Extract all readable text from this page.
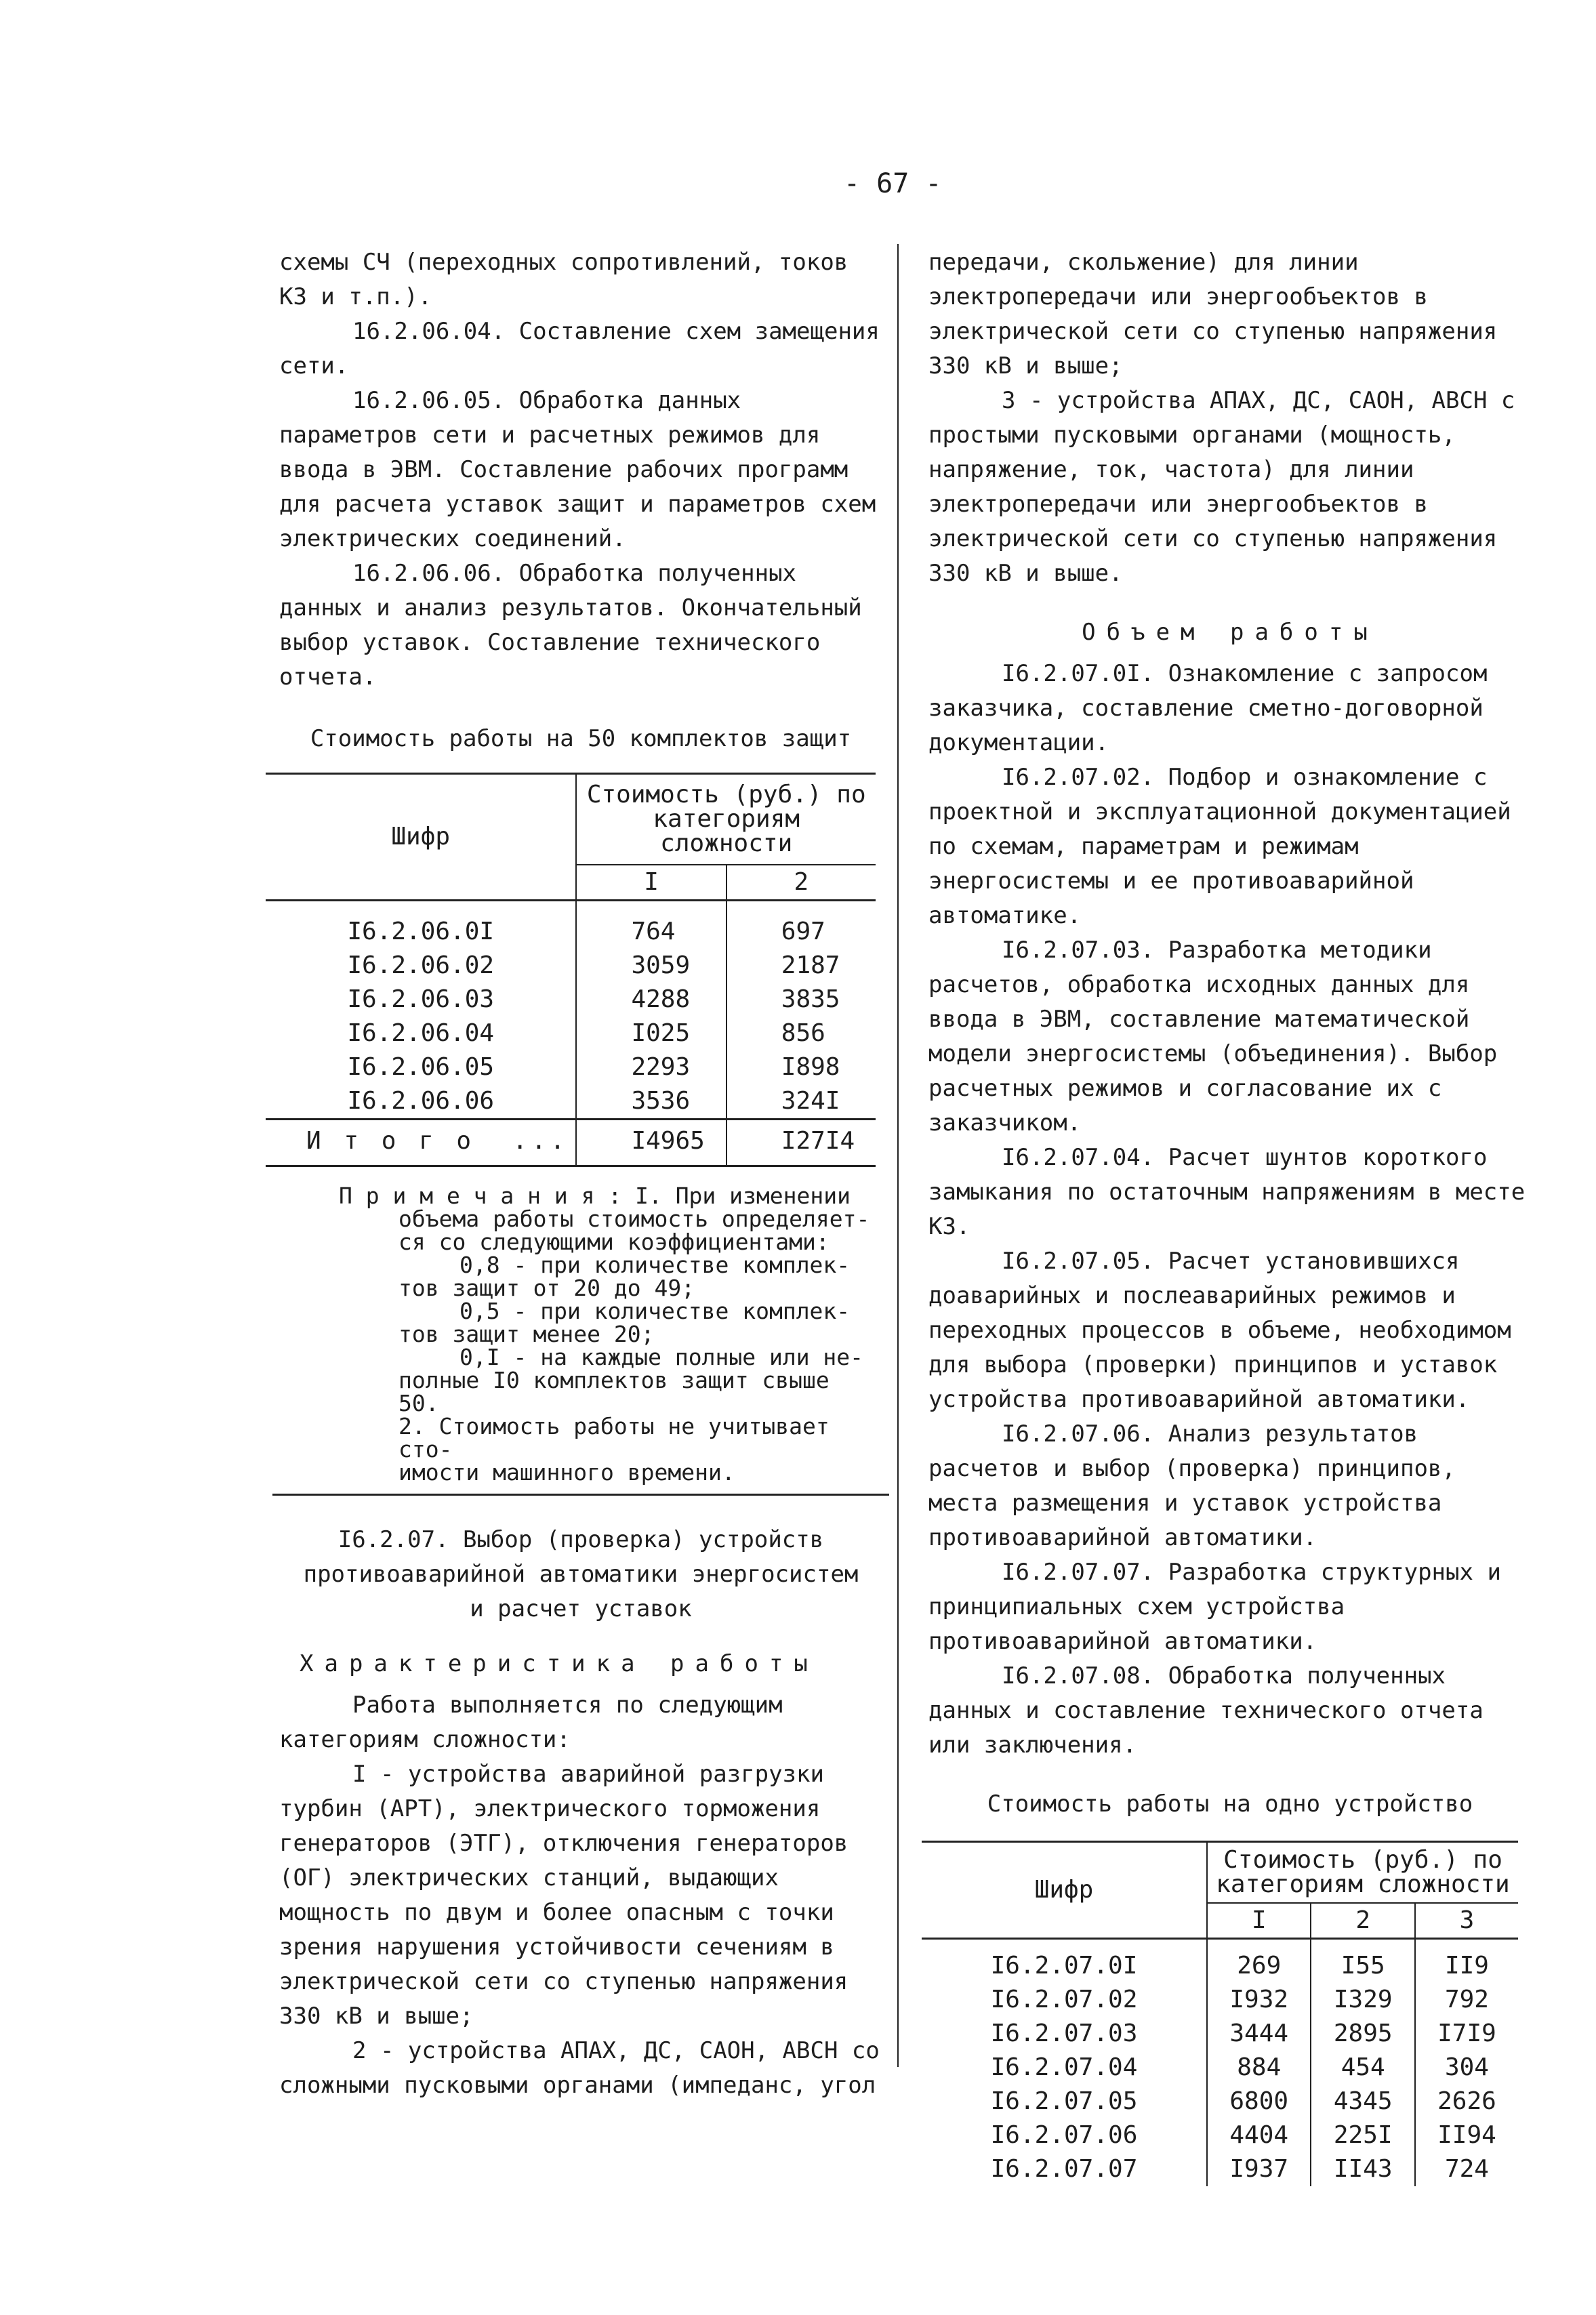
- 67 -

схемы СЧ (переходных сопротивлений, токов КЗ и т.п.).

16.2.06.04. Составление схем замещения сети.

16.2.06.05. Обработка данных параметров сети и расчетных режимов для ввода в ЭВМ. Составление рабочих программ для расчета уставок защит и параметров схем электрических соединений.

16.2.06.06. Обработка полученных данных и анализ результатов. Окончательный выбор уставок. Составление технического отчета.

Стоимость работы на 50 комплектов защит

Шифр	Стоимость (руб.) по категориям сложности	
	I	2

I6.2.06.0I	764	697
I6.2.06.02	3059	2187
I6.2.06.03	4288	3835
I6.2.06.04	I025	856
I6.2.06.05	2293	I898
I6.2.06.06	3536	324I

И т о г о  ...	I4965	I27I4

П р и м е ч а н и я : I. При изменении
объема работы стоимость определяет-
ся со следующими коэффициентами:
0,8 - при количестве комплек-
тов защит от 20 до 49;
0,5 - при количестве комплек-
тов защит менее 20;
0,I - на каждые полные или не-
полные I0 комплектов защит свыше 50.
2. Стоимость работы не учитывает сто-
имости машинного времени.

I6.2.07. Выбор (проверка) устройств

противоаварийной автоматики энергосистем

и расчет уставок

Характеристика работы

Работа выполняется по следующим категориям сложности:

I - устройства аварийной разгрузки турбин (АРТ), электрического торможения генераторов (ЭТГ), отключения генераторов (ОГ) электрических станций, выдающих мощность по двум и более опасным с точки зрения нарушения устойчивости сечениям в электрической сети со ступенью напряжения 330 кВ и выше;

2 - устройства АПАХ, ДС, САОН, АВСН со сложными пусковыми органами (импеданс, угол

передачи, скольжение) для линии электропередачи или энергообъектов в электрической сети со ступенью напряжения 330 кВ и выше;

3 - устройства АПАХ, ДС, САОН, АВСН с простыми пусковыми органами (мощность, напряжение, ток, частота) для линии электропередачи или энергообъектов в электрической сети со ступенью напряжения 330 кВ и выше.

Объем работы

I6.2.07.0I. Ознакомление с запросом заказчика, составление сметно-договорной документации.

I6.2.07.02. Подбор и ознакомление с проектной и эксплуатационной документацией по схемам, параметрам и режимам энергосистемы и ее противоаварийной автоматике.

I6.2.07.03. Разработка методики расчетов, обработка исходных данных для ввода в ЭВМ, составление математической модели энергосистемы (объединения). Выбор расчетных режимов и согласование их с заказчиком.

I6.2.07.04. Расчет шунтов короткого замыкания по остаточным напряжениям в месте КЗ.

I6.2.07.05. Расчет установившихся доаварийных и послеаварийных режимов и переходных процессов в объеме, необходимом для выбора (проверки) принципов и уставок устройства противоаварийной автоматики.

I6.2.07.06. Анализ результатов расчетов и выбор (проверка) принципов, места размещения и уставок устройства противоаварийной автоматики.

I6.2.07.07. Разработка структурных и принципиальных схем устройства противоаварийной автоматики.

I6.2.07.08. Обработка полученных данных и составление технического отчета или заключения.

Стоимость работы на одно устройство

Шифр	Стоимость (руб.) по категориям сложности		
	I	2	3

I6.2.07.0I	269	I55	II9
I6.2.07.02	I932	I329	792
I6.2.07.03	3444	2895	I7I9
I6.2.07.04	884	454	304
I6.2.07.05	6800	4345	2626
I6.2.07.06	4404	225I	II94
I6.2.07.07	I937	II43	724
